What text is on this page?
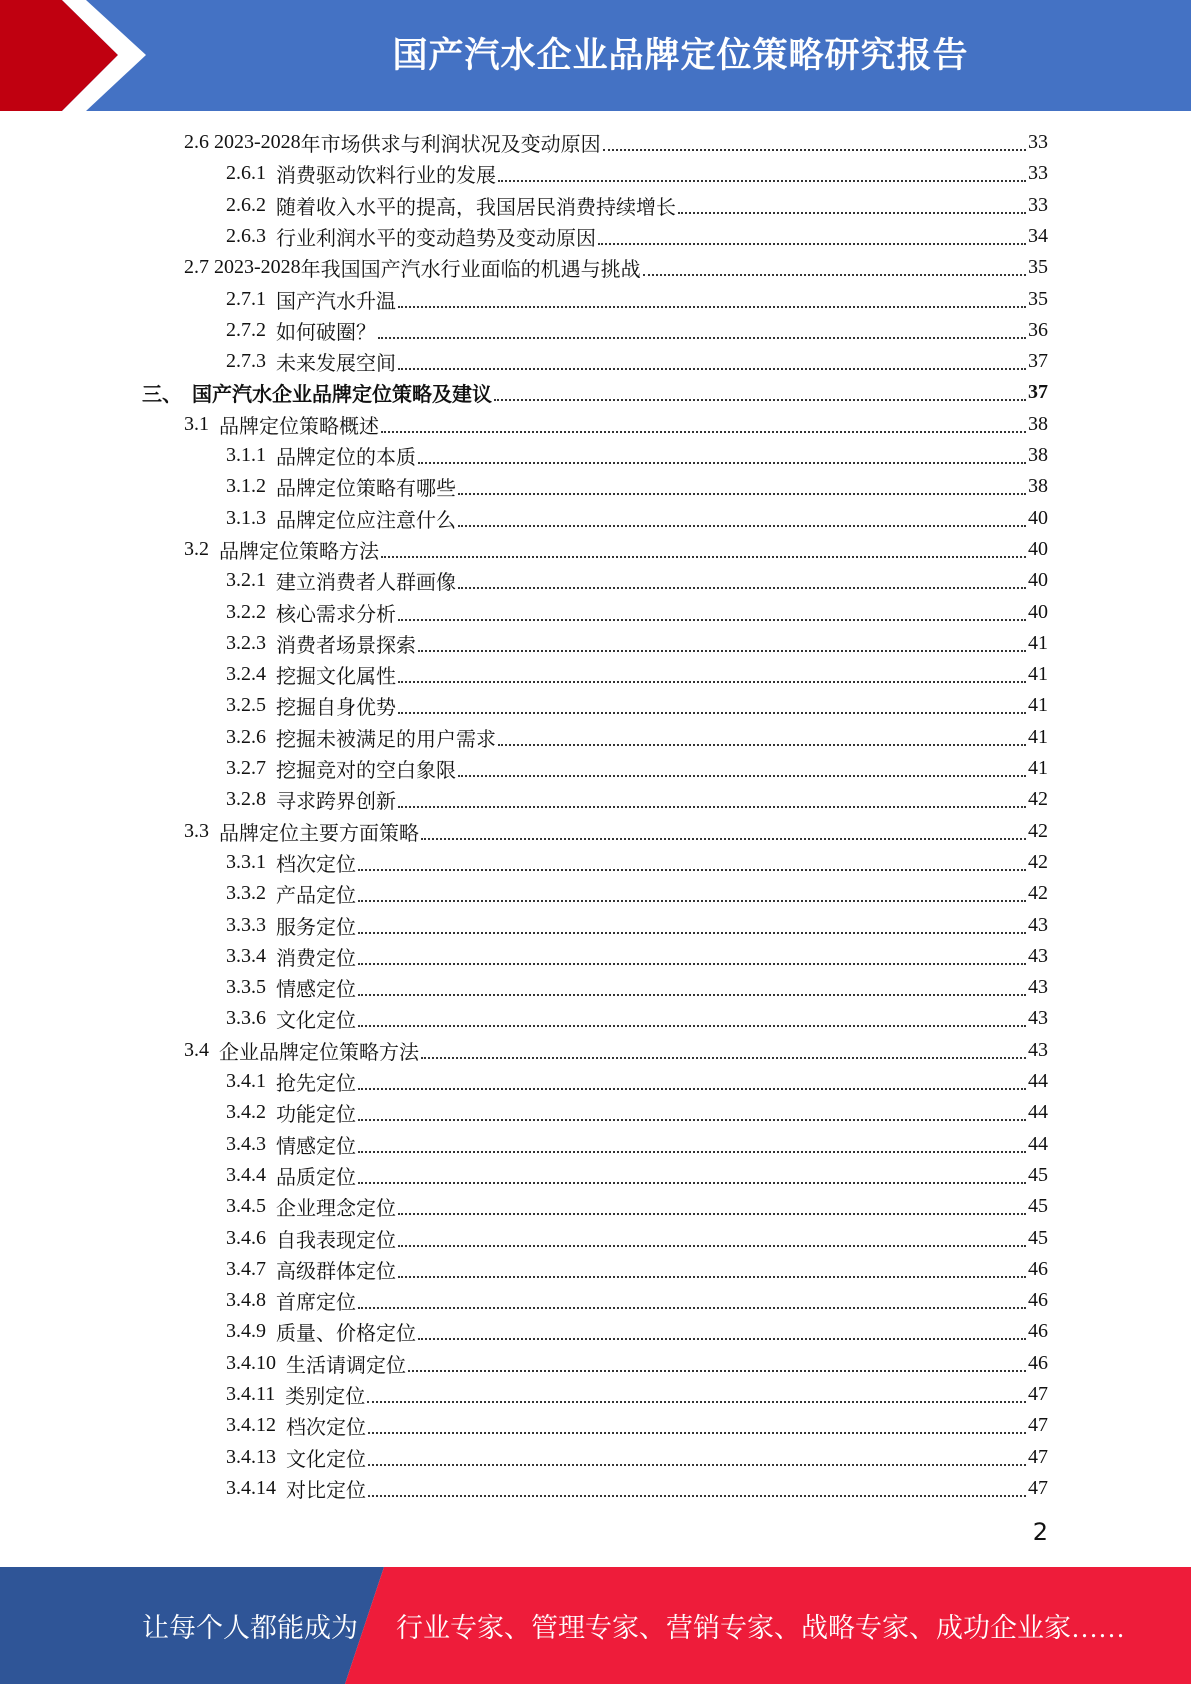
国产汽水企业品牌定位策略研究报告
2.6 2023-2028 年市场供求与利润状况及变动原因	33
2.6.1 消费驱动饮料行业的发展	33
2.6.2 随着收入水平的提高，我国居民消费持续增长	33
2.6.3 行业利润水平的变动趋势及变动原因	34
2.7 2023-2028 年我国国产汽水行业面临的机遇与挑战	35
2.7.1 国产汽水升温	35
2.7.2 如何破圈？	36
2.7.3 未来发展空间	37
三、 国产汽水企业品牌定位策略及建议	37
3.1 品牌定位策略概述	38
3.1.1 品牌定位的本质	38
3.1.2 品牌定位策略有哪些	38
3.1.3 品牌定位应注意什么	40
3.2 品牌定位策略方法	40
3.2.1 建立消费者人群画像	40
3.2.2 核心需求分析	40
3.2.3 消费者场景探索	41
3.2.4 挖掘文化属性	41
3.2.5 挖掘自身优势	41
3.2.6 挖掘未被满足的用户需求	41
3.2.7 挖掘竞对的空白象限	41
3.2.8 寻求跨界创新	42
3.3 品牌定位主要方面策略	42
3.3.1 档次定位	42
3.3.2 产品定位	42
3.3.3 服务定位	43
3.3.4 消费定位	43
3.3.5 情感定位	43
3.3.6 文化定位	43
3.4 企业品牌定位策略方法	43
3.4.1 抢先定位	44
3.4.2 功能定位	44
3.4.3 情感定位	44
3.4.4 品质定位	45
3.4.5 企业理念定位	45
3.4.6 自我表现定位	45
3.4.7 高级群体定位	46
3.4.8 首席定位	46
3.4.9 质量、价格定位	46
3.4.10 生活请调定位	46
3.4.11 类别定位	47
3.4.12 档次定位	47
3.4.13 文化定位	47
3.4.14 对比定位	47
2
让每个人都能成为 行业专家、管理专家、营销专家、战略专家、成功企业家……
